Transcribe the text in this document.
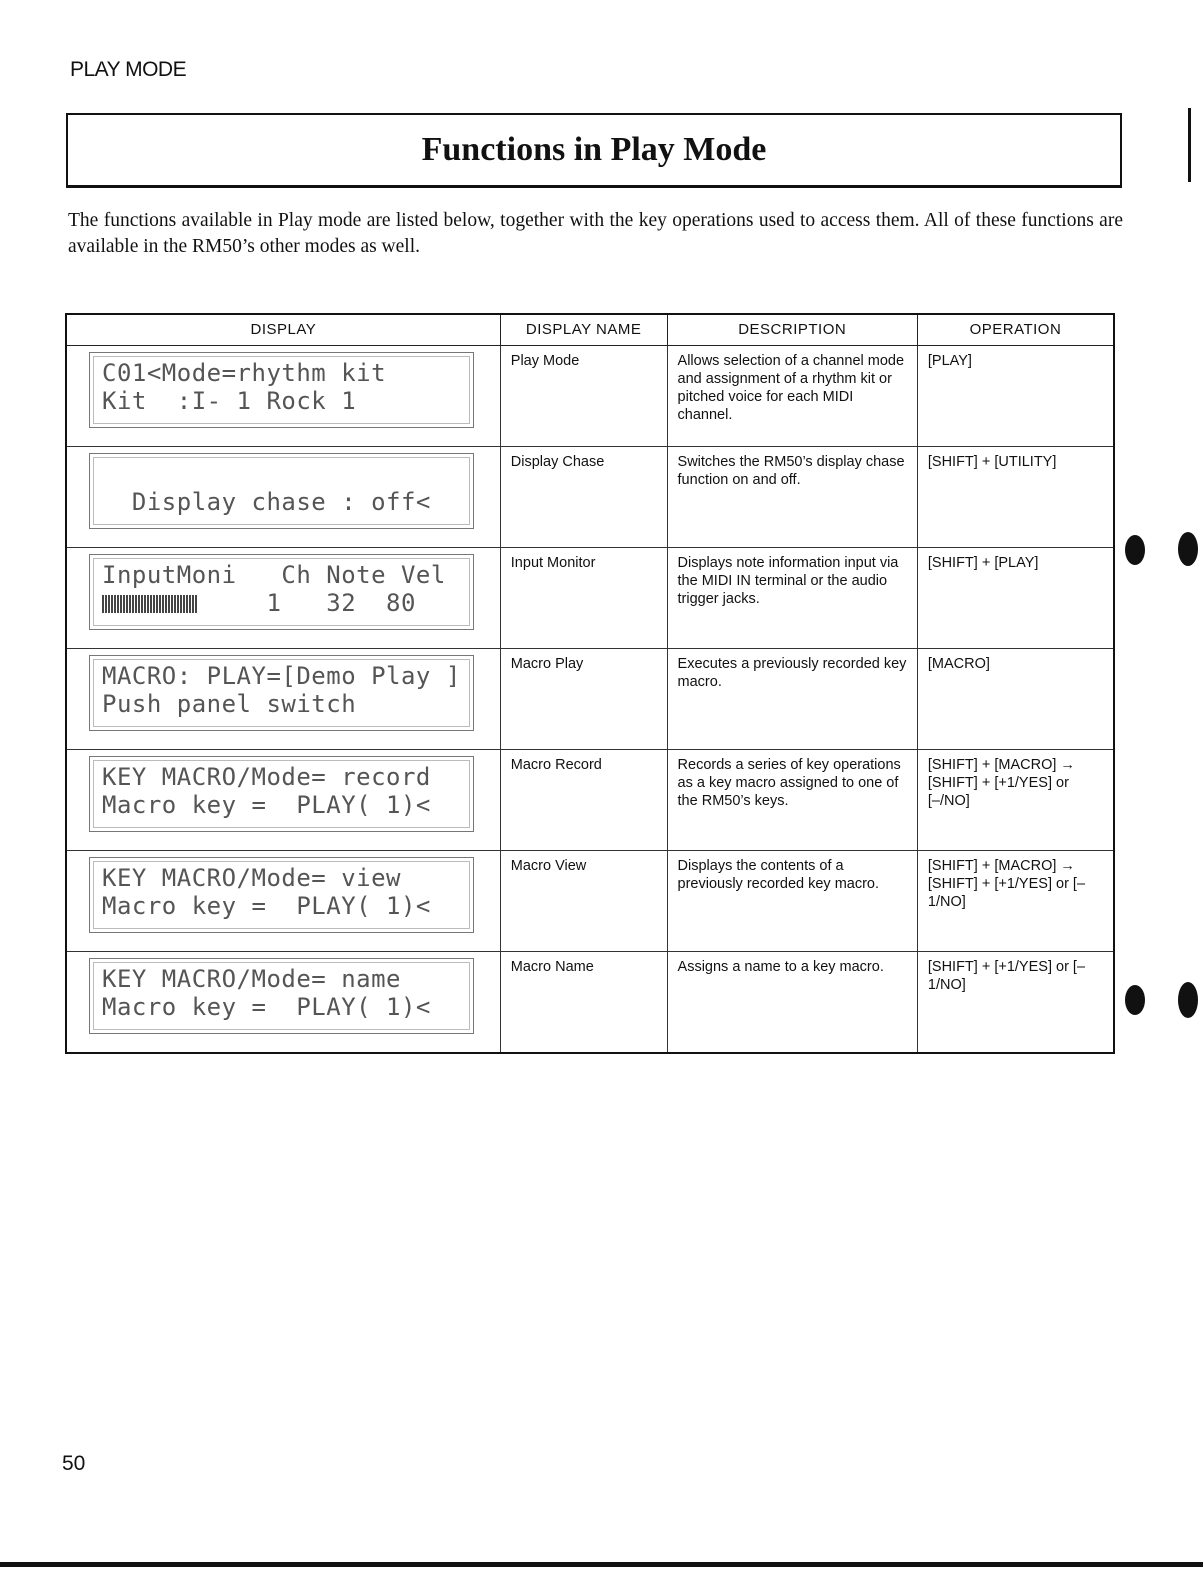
PLAY MODE
Functions in Play Mode

The functions available in Play mode are listed below, together with the key operations used to access them. All of these functions are available in the RM50’s other modes as well.

DISPLAY	DISPLAY NAME	DESCRIPTION	OPERATION

C01<Mode=rhythm kit
Kit  :I- 1 Rock 1	Play Mode	Allows selection of a channel mode and assignment of a rhythm kit or pitched voice for each MIDI channel.	[PLAY]

Display chase : off<	Display Chase	Switches the RM50’s display chase function on and off.	[SHIFT] + [UTILITY]

InputMoni   Ch Note Vel
1   32  80	Input Monitor	Displays note information input via the MIDI IN terminal or the audio trigger jacks.	[SHIFT] + [PLAY]

MACRO: PLAY=[Demo Play ]
Push panel switch	Macro Play	Executes a previously recorded key macro.	[MACRO]

KEY MACRO/Mode= record
Macro key =  PLAY( 1)<	Macro Record	Records a series of key operations as a key macro assigned to one of the RM50’s keys.	[SHIFT] + [MACRO] → [SHIFT] + [+1/YES] or [–/NO]

KEY MACRO/Mode= view
Macro key =  PLAY( 1)<	Macro View	Displays the contents of a previously recorded key macro.	[SHIFT] + [MACRO] → [SHIFT] + [+1/YES] or [–1/NO]

KEY MACRO/Mode= name
Macro key =  PLAY( 1)<	Macro Name	Assigns a name to a key macro.	[SHIFT] + [+1/YES] or [–1/NO]
50
